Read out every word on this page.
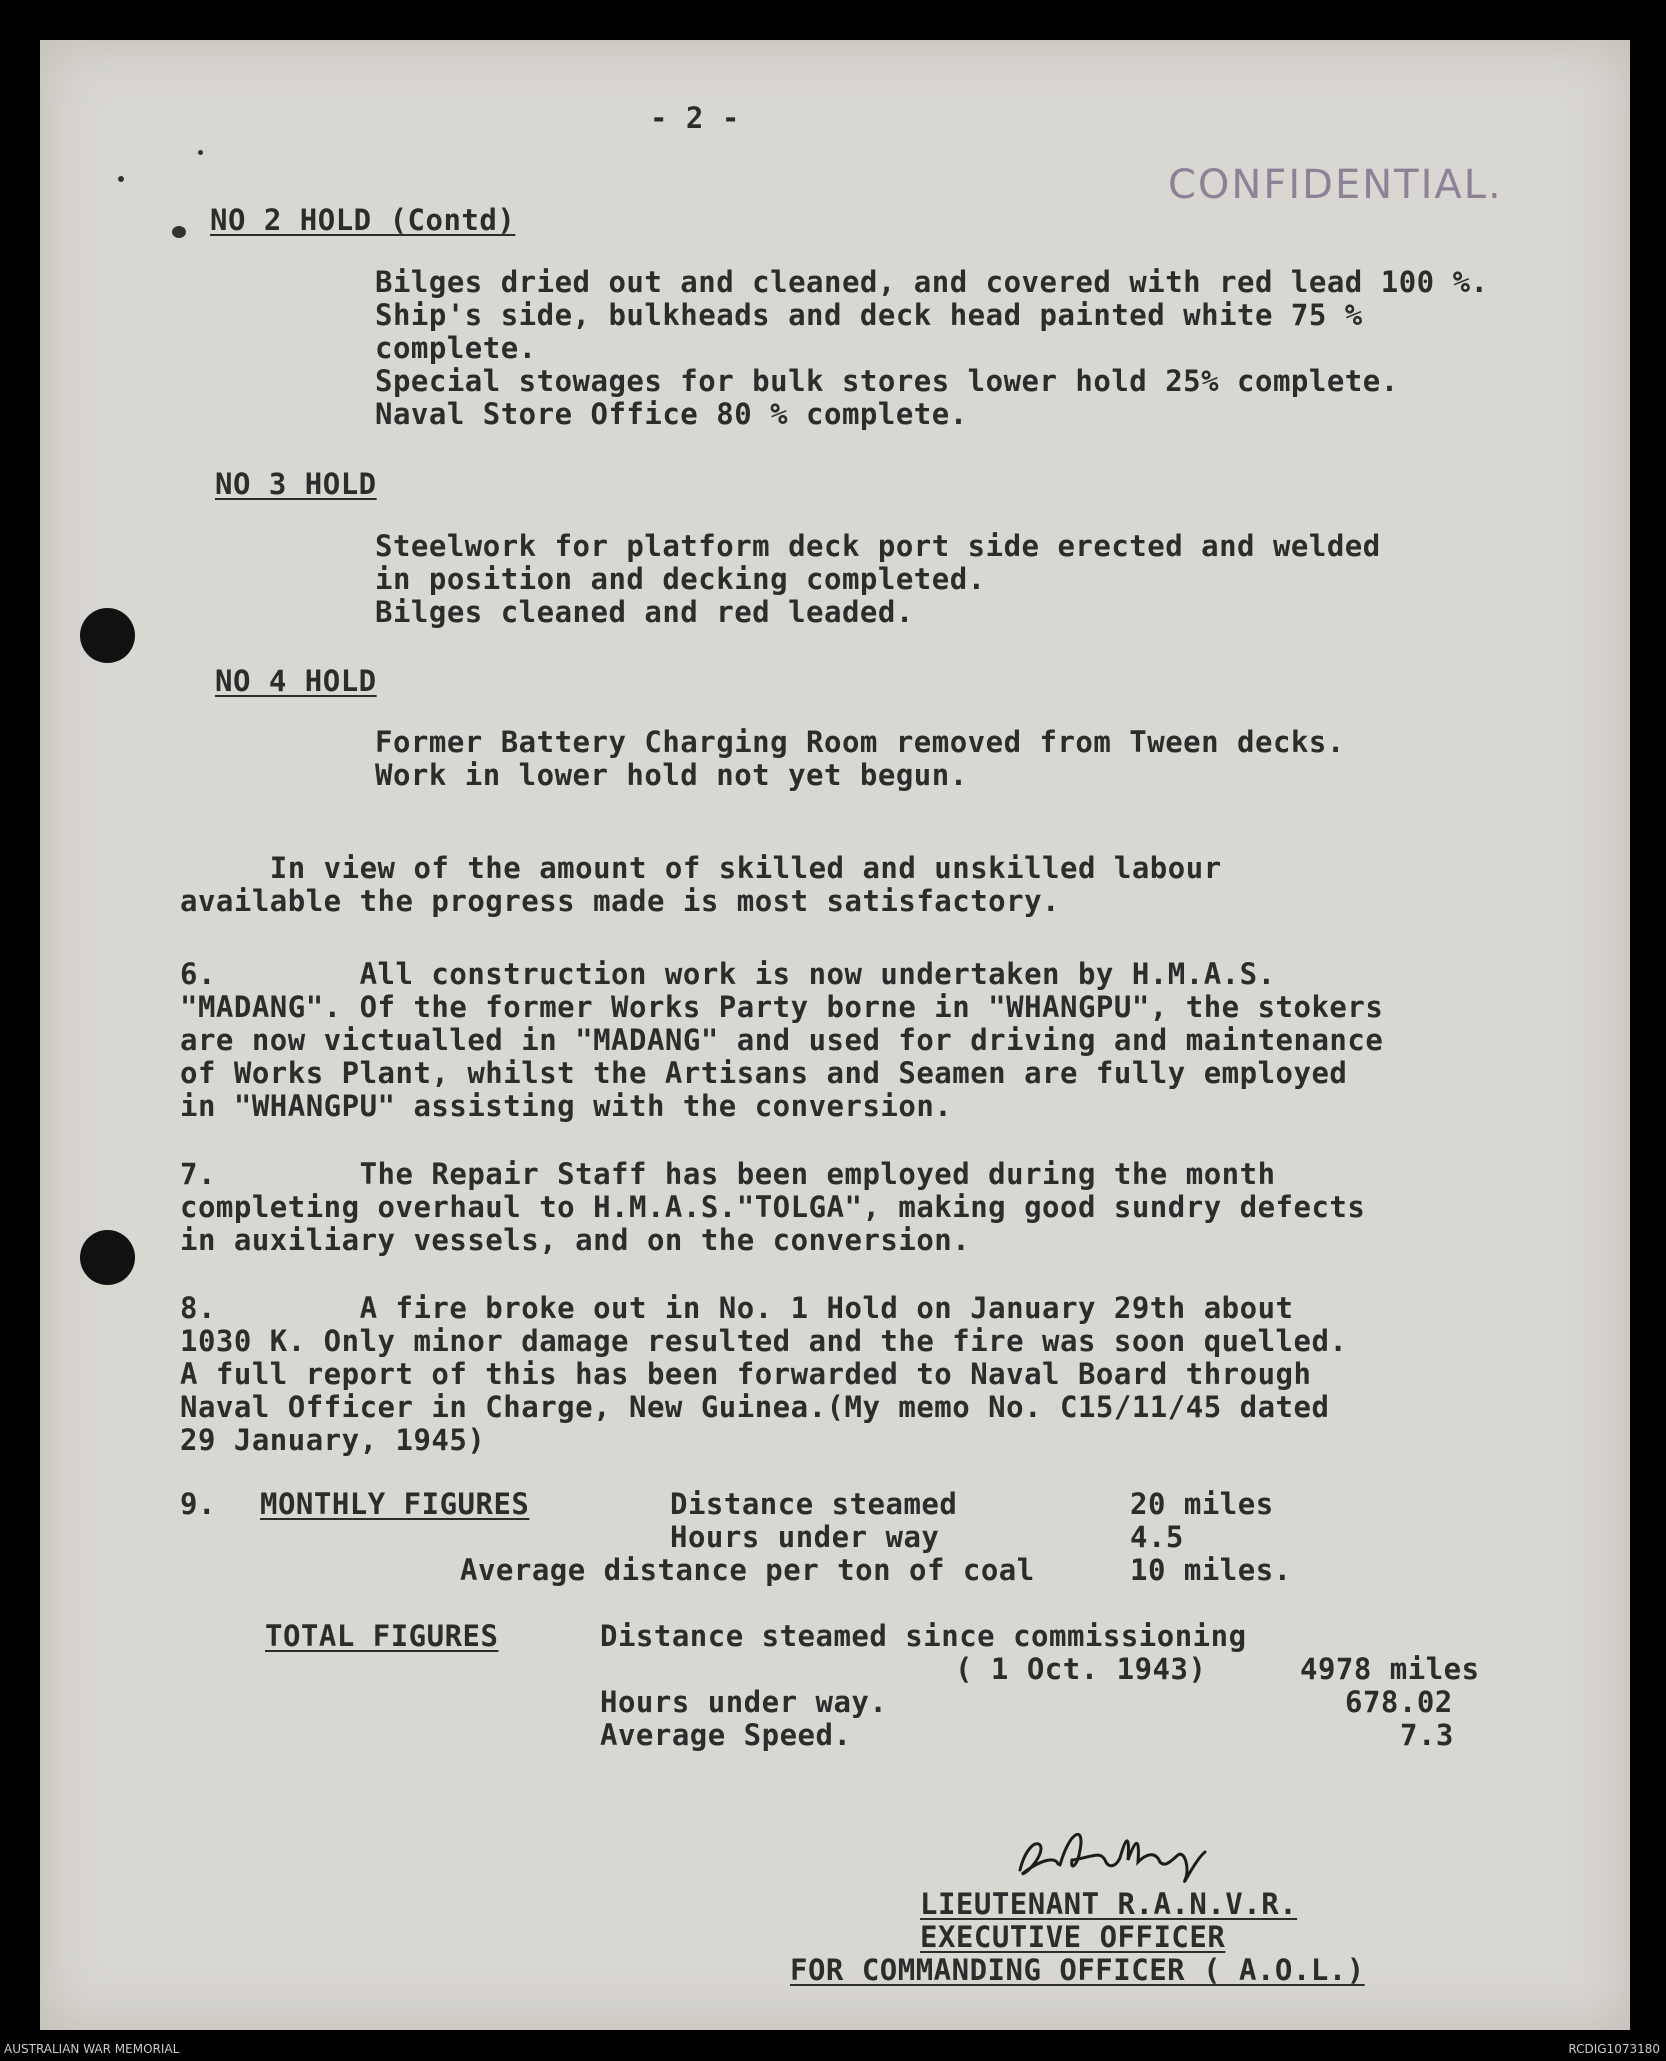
- 2 -
CONFIDENTIAL.
NO 2 HOLD (Contd)
Bilges dried out and cleaned, and covered with red lead 100 %.
Ship's side, bulkheads and deck head painted white 75 %
complete.
Special stowages for bulk stores lower hold 25% complete.
Naval Store Office 80 % complete.
NO 3 HOLD
Steelwork for platform deck port side erected and welded
in position and decking completed.
Bilges cleaned and red leaded.
NO 4 HOLD
Former Battery Charging Room removed from Tween decks.
Work in lower hold not yet begun.
In view of the amount of skilled and unskilled labour
available the progress made is most satisfactory.
6.        All construction work is now undertaken by H.M.A.S.
"MADANG". Of the former Works Party borne in "WHANGPU", the stokers
are now victualled in "MADANG" and used for driving and maintenance
of Works Plant, whilst the Artisans and Seamen are fully employed
in "WHANGPU" assisting with the conversion.
7.        The Repair Staff has been employed during the month
completing overhaul to H.M.A.S."TOLGA", making good sundry defects
in auxiliary vessels, and on the conversion.
8.        A fire broke out in No. 1 Hold on January 29th about
1030 K. Only minor damage resulted and the fire was soon quelled.
A full report of this has been forwarded to Naval Board through
Naval Officer in Charge, New Guinea.(My memo No. C15/11/45 dated
29 January, 1945)
9. MONTHLY FIGURES	Distance steamed	20 miles
Hours under way	4.5
Average distance per ton of coal	10 miles.
TOTAL FIGURES	Distance steamed since commissioning
( 1 Oct. 1943)	4978 miles
Hours under way.	678.02
Average Speed.	7.3
LIEUTENANT R.A.N.V.R.
EXECUTIVE OFFICER
FOR COMMANDING OFFICER ( A.O.L.)
AUSTRALIAN WAR MEMORIAL	RCDIG1073180
